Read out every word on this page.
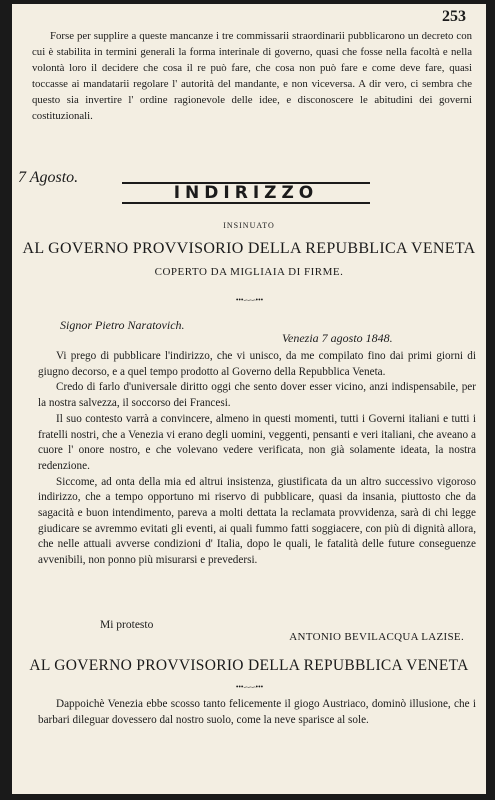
253
Forse per supplire a queste mancanze i tre commissarii straordinarii pubblicarono un decreto con cui è stabilita in termini generali la forma interinale di governo, quasi che fosse nella facoltà e nella volontà loro il decidere che cosa il re può fare, che cosa non può fare e come deve fare, quasi toccasse ai mandatarii regolare l' autorità del mandante, e non viceversa. A dir vero, ci sembra che questo sia invertire l' ordine ragionevole delle idee, e disconoscere le abitudini dei governi costituzionali.
7 Agosto.
INDIRIZZO
INSINUATO
AL GOVERNO PROVVISORIO DELLA REPUBBLICA VENETA
COPERTO DA MIGLIAIA DI FIRME.
•••∽∽∽•••
Signor Pietro Naratovich.
Venezia 7 agosto 1848.

Vi prego di pubblicare l'indirizzo, che vi unisco, da me compilato fino dai primi giorni di giugno decorso, e a quel tempo prodotto al Governo della Repubblica Veneta.

Credo di farlo d'universale diritto oggi che sento dover esser vicino, anzi indispensabile, per la nostra salvezza, il soccorso dei Francesi.

Il suo contesto varrà a convincere, almeno in questi momenti, tutti i Governi italiani e tutti i fratelli nostri, che a Venezia vi erano degli uomini, veggenti, pensanti e veri italiani, che aveano a cuore l' onore nostro, e che volevano vedere verificata, non già solamente ideata, la nostra redenzione.

Siccome, ad onta della mia ed altrui insistenza, giustificata da un altro successivo vigoroso indirizzo, che a tempo opportuno mi riservo di pubblicare, quasi da insania, piuttosto che da sagacità e buon intendimento, pareva a molti dettata la reclamata provvidenza, sarà di chi legge giudicare se avremmo evitati gli eventi, ai quali fummo fatti soggiacere, con più di dignità allora, che nelle attuali avverse condizioni d' Italia, dopo le quali, le fatalità delle future conseguenze avvenibili, non ponno più misurarsi e prevedersi.

Mi protesto
ANTONIO BEVILACQUA LAZISE.
AL GOVERNO PROVVISORIO DELLA REPUBBLICA VENETA
•••∽∽∽•••
Dappoichè Venezia ebbe scosso tanto felicemente il giogo Austriaco, dominò illusione, che i barbari dileguar dovessero dal nostro suolo, come la neve sparisce al sole.
